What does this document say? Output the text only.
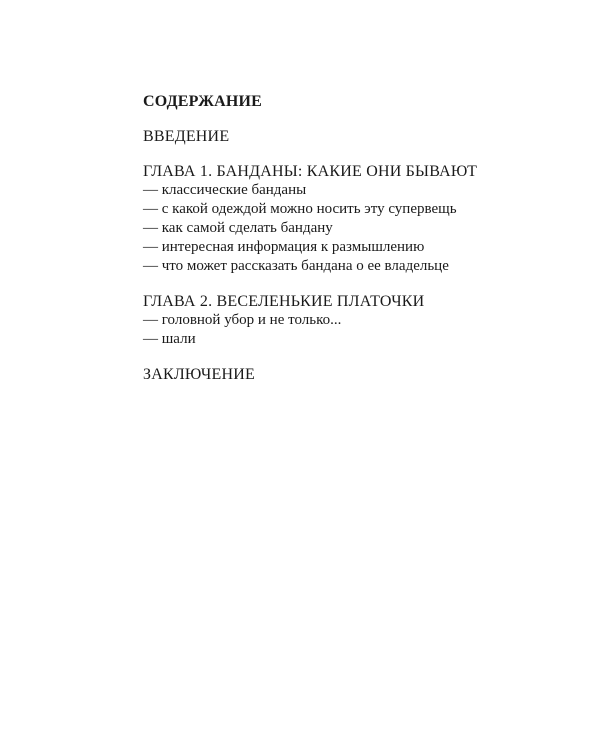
СОДЕРЖАНИЕ

ВВЕДЕНИЕ

ГЛАВА 1. БАНДАНЫ: КАКИЕ ОНИ БЫВАЮТ

— классические банданы
— с какой одеждой можно носить эту супервещь
— как самой сделать бандану
— интересная информация к размышлению
— что может рассказать бандана о ее владельце

ГЛАВА 2. ВЕСЕЛЕНЬКИЕ ПЛАТОЧКИ

— головной убор и не только...
— шали

ЗАКЛЮЧЕНИЕ
